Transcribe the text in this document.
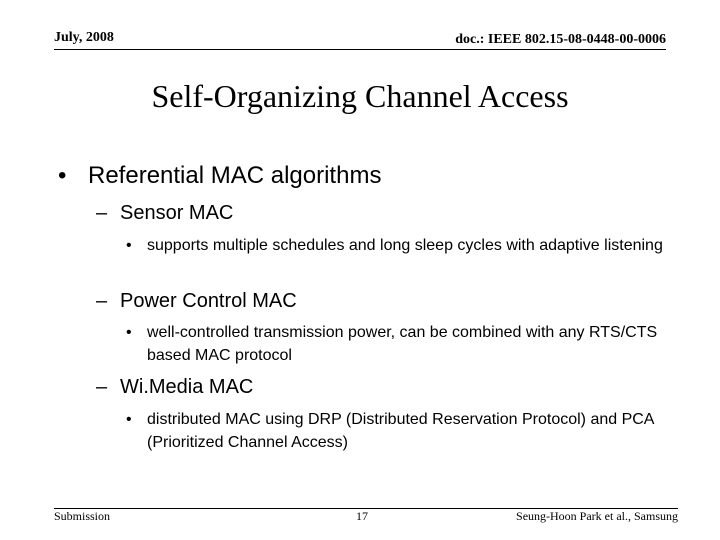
July, 2008	doc.: IEEE 802.15-08-0448-00-0006
Self-Organizing Channel Access
• Referential MAC algorithms
– Sensor MAC
• supports multiple schedules and long sleep cycles with adaptive listening
– Power Control MAC
• well-controlled transmission power, can be combined with any RTS/CTS based MAC protocol
– Wi.Media MAC
• distributed MAC using DRP (Distributed Reservation Protocol) and PCA (Prioritized Channel Access)
Submission	17	Seung-Hoon Park et al., Samsung
